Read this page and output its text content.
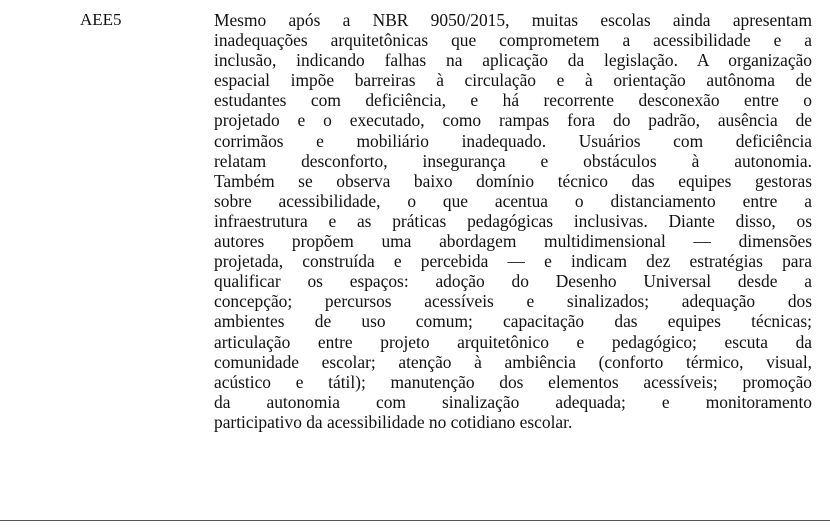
AEE5	Mesmo após a NBR 9050/2015, muitas escolas ainda apresentam
inadequações arquitetônicas que comprometem a acessibilidade e a
inclusão, indicando falhas na aplicação da legislação. A organização
espacial impõe barreiras à circulação e à orientação autônoma de
estudantes com deficiência, e há recorrente desconexão entre o
projetado e o executado, como rampas fora do padrão, ausência de
corrimãos e mobiliário inadequado. Usuários com deficiência
relatam desconforto, insegurança e obstáculos à autonomia.
Também se observa baixo domínio técnico das equipes gestoras
sobre acessibilidade, o que acentua o distanciamento entre a
infraestrutura e as práticas pedagógicas inclusivas. Diante disso, os
autores propõem uma abordagem multidimensional — dimensões
projetada, construída e percebida — e indicam dez estratégias para
qualificar os espaços: adoção do Desenho Universal desde a
concepção; percursos acessíveis e sinalizados; adequação dos
ambientes de uso comum; capacitação das equipes técnicas;
articulação entre projeto arquitetônico e pedagógico; escuta da
comunidade escolar; atenção à ambiência (conforto térmico, visual,
acústico e tátil); manutenção dos elementos acessíveis; promoção
da autonomia com sinalização adequada; e monitoramento
participativo da acessibilidade no cotidiano escolar.
